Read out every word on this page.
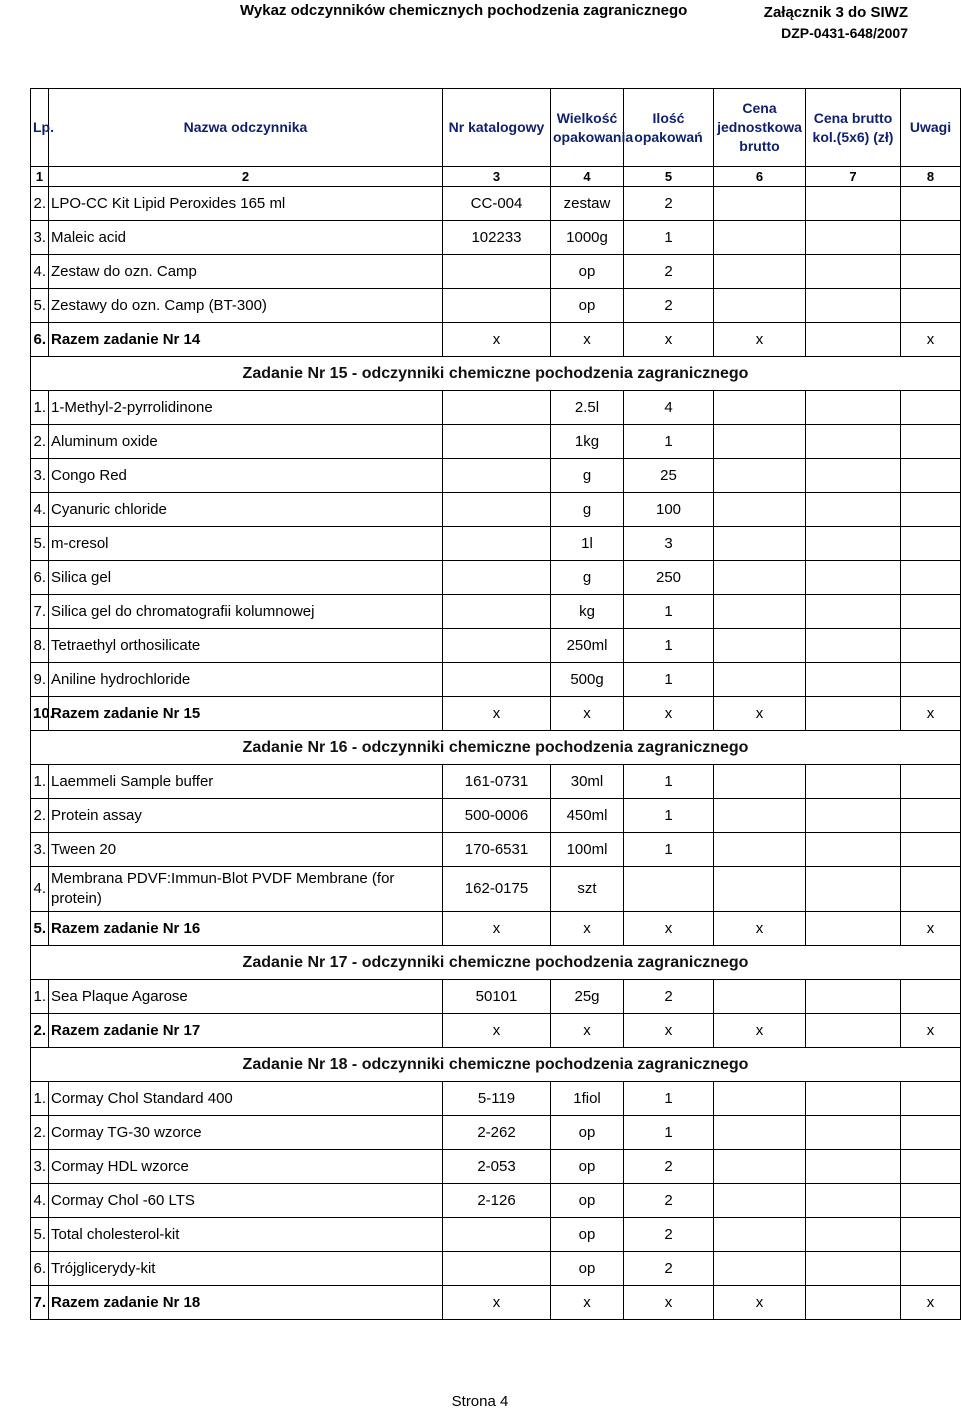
Wykaz odczynników chemicznych pochodzenia zagranicznego	Załącznik 3 do SIWZ
DZP-0431-648/2007
Lp.	Nazwa odczynnika	Nr katalogowy	Wielkość opakowania	Ilość opakowań	Cena jednostkowa brutto	Cena brutto kol.(5x6) (zł)	Uwagi
1	2	3	4	5	6	7	8
2.	LPO-CC Kit Lipid Peroxides 165 ml	CC-004	zestaw	2			
3.	Maleic acid	102233	1000g	1			
4.	Zestaw do ozn. Camp		op	2			
5.	Zestawy do ozn. Camp (BT-300)		op	2			
6.	Razem zadanie Nr 14	x	x	x	x		x
Zadanie Nr 15 - odczynniki chemiczne pochodzenia zagranicznego							
1.	1-Methyl-2-pyrrolidinone		2.5l	4			
2.	Aluminum oxide		1kg	1			
3.	Congo Red		g	25			
4.	Cyanuric chloride		g	100			
5.	m-cresol		1l	3			
6.	Silica gel		g	250			
7.	Silica gel do chromatografii kolumnowej		kg	1			
8.	Tetraethyl orthosilicate		250ml	1			
9.	Aniline hydrochloride		500g	1			
10.	Razem zadanie Nr 15	x	x	x	x		x
Zadanie Nr 16 - odczynniki chemiczne pochodzenia zagranicznego							
1.	Laemmeli Sample buffer	161-0731	30ml	1			
2.	Protein assay	500-0006	450ml	1			
3.	Tween 20	170-6531	100ml	1			
4.	Membrana PDVF:Immun-Blot PVDF Membrane (for protein)	162-0175	szt				
5.	Razem zadanie Nr 16	x	x	x	x		x
Zadanie Nr 17 - odczynniki chemiczne pochodzenia zagranicznego							
1.	Sea Plaque Agarose	50101	25g	2			
2.	Razem zadanie Nr 17	x	x	x	x		x
Zadanie Nr 18 - odczynniki chemiczne pochodzenia zagranicznego							
1.	Cormay Chol Standard 400	5-119	1fiol	1			
2.	Cormay TG-30 wzorce	2-262	op	1			
3.	Cormay HDL wzorce	2-053	op	2			
4.	Cormay Chol -60 LTS	2-126	op	2			
5.	Total cholesterol-kit		op	2			
6.	Trójglicerydy-kit		op	2			
7.	Razem zadanie Nr 18	x	x	x	x		x
Strona 4
